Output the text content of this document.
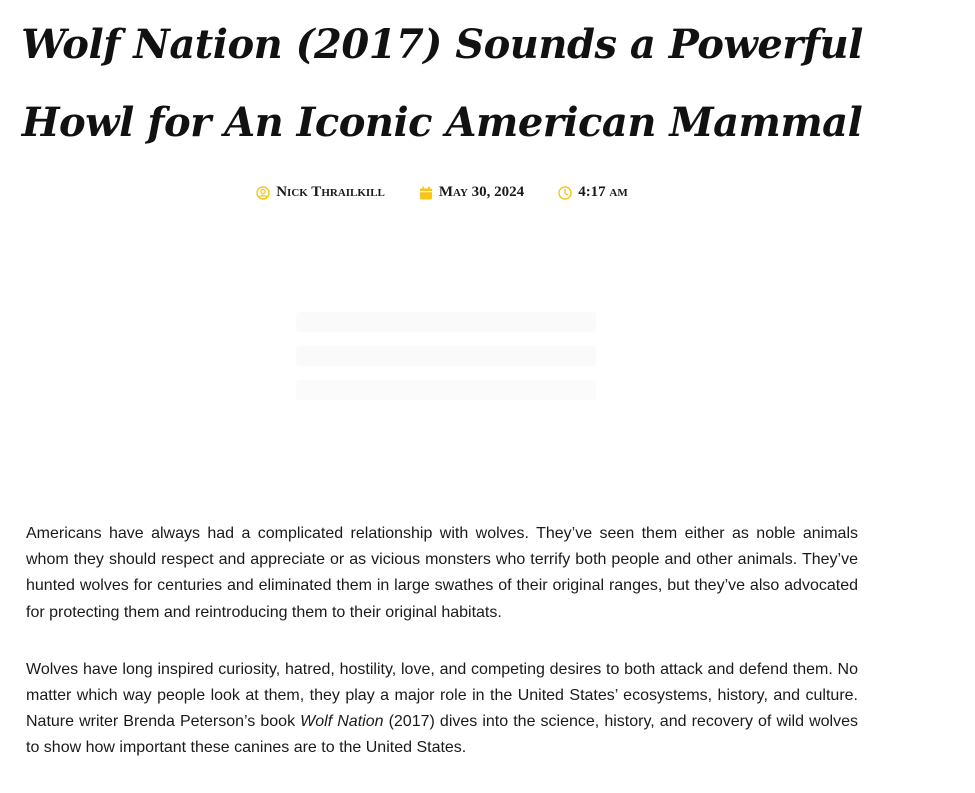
Wolf Nation (2017) Sounds a Powerful Howl for An Iconic American Mammal
Nick Thrailkill	May 30, 2024	4:17 am

Americans have always had a complicated relationship with wolves. They’ve seen them either as noble animals whom they should respect and appreciate or as vicious monsters who terrify both people and other animals. They’ve hunted wolves for centuries and eliminated them in large swathes of their original ranges, but they’ve also advocated for protecting them and reintroducing them to their original habitats.

Wolves have long inspired curiosity, hatred, hostility, love, and competing desires to both attack and defend them. No matter which way people look at them, they play a major role in the United States’ ecosystems, history, and culture. Nature writer Brenda Peterson’s book Wolf Nation (2017) dives into the science, history, and recovery of wild wolves to show how important these canines are to the United States.
